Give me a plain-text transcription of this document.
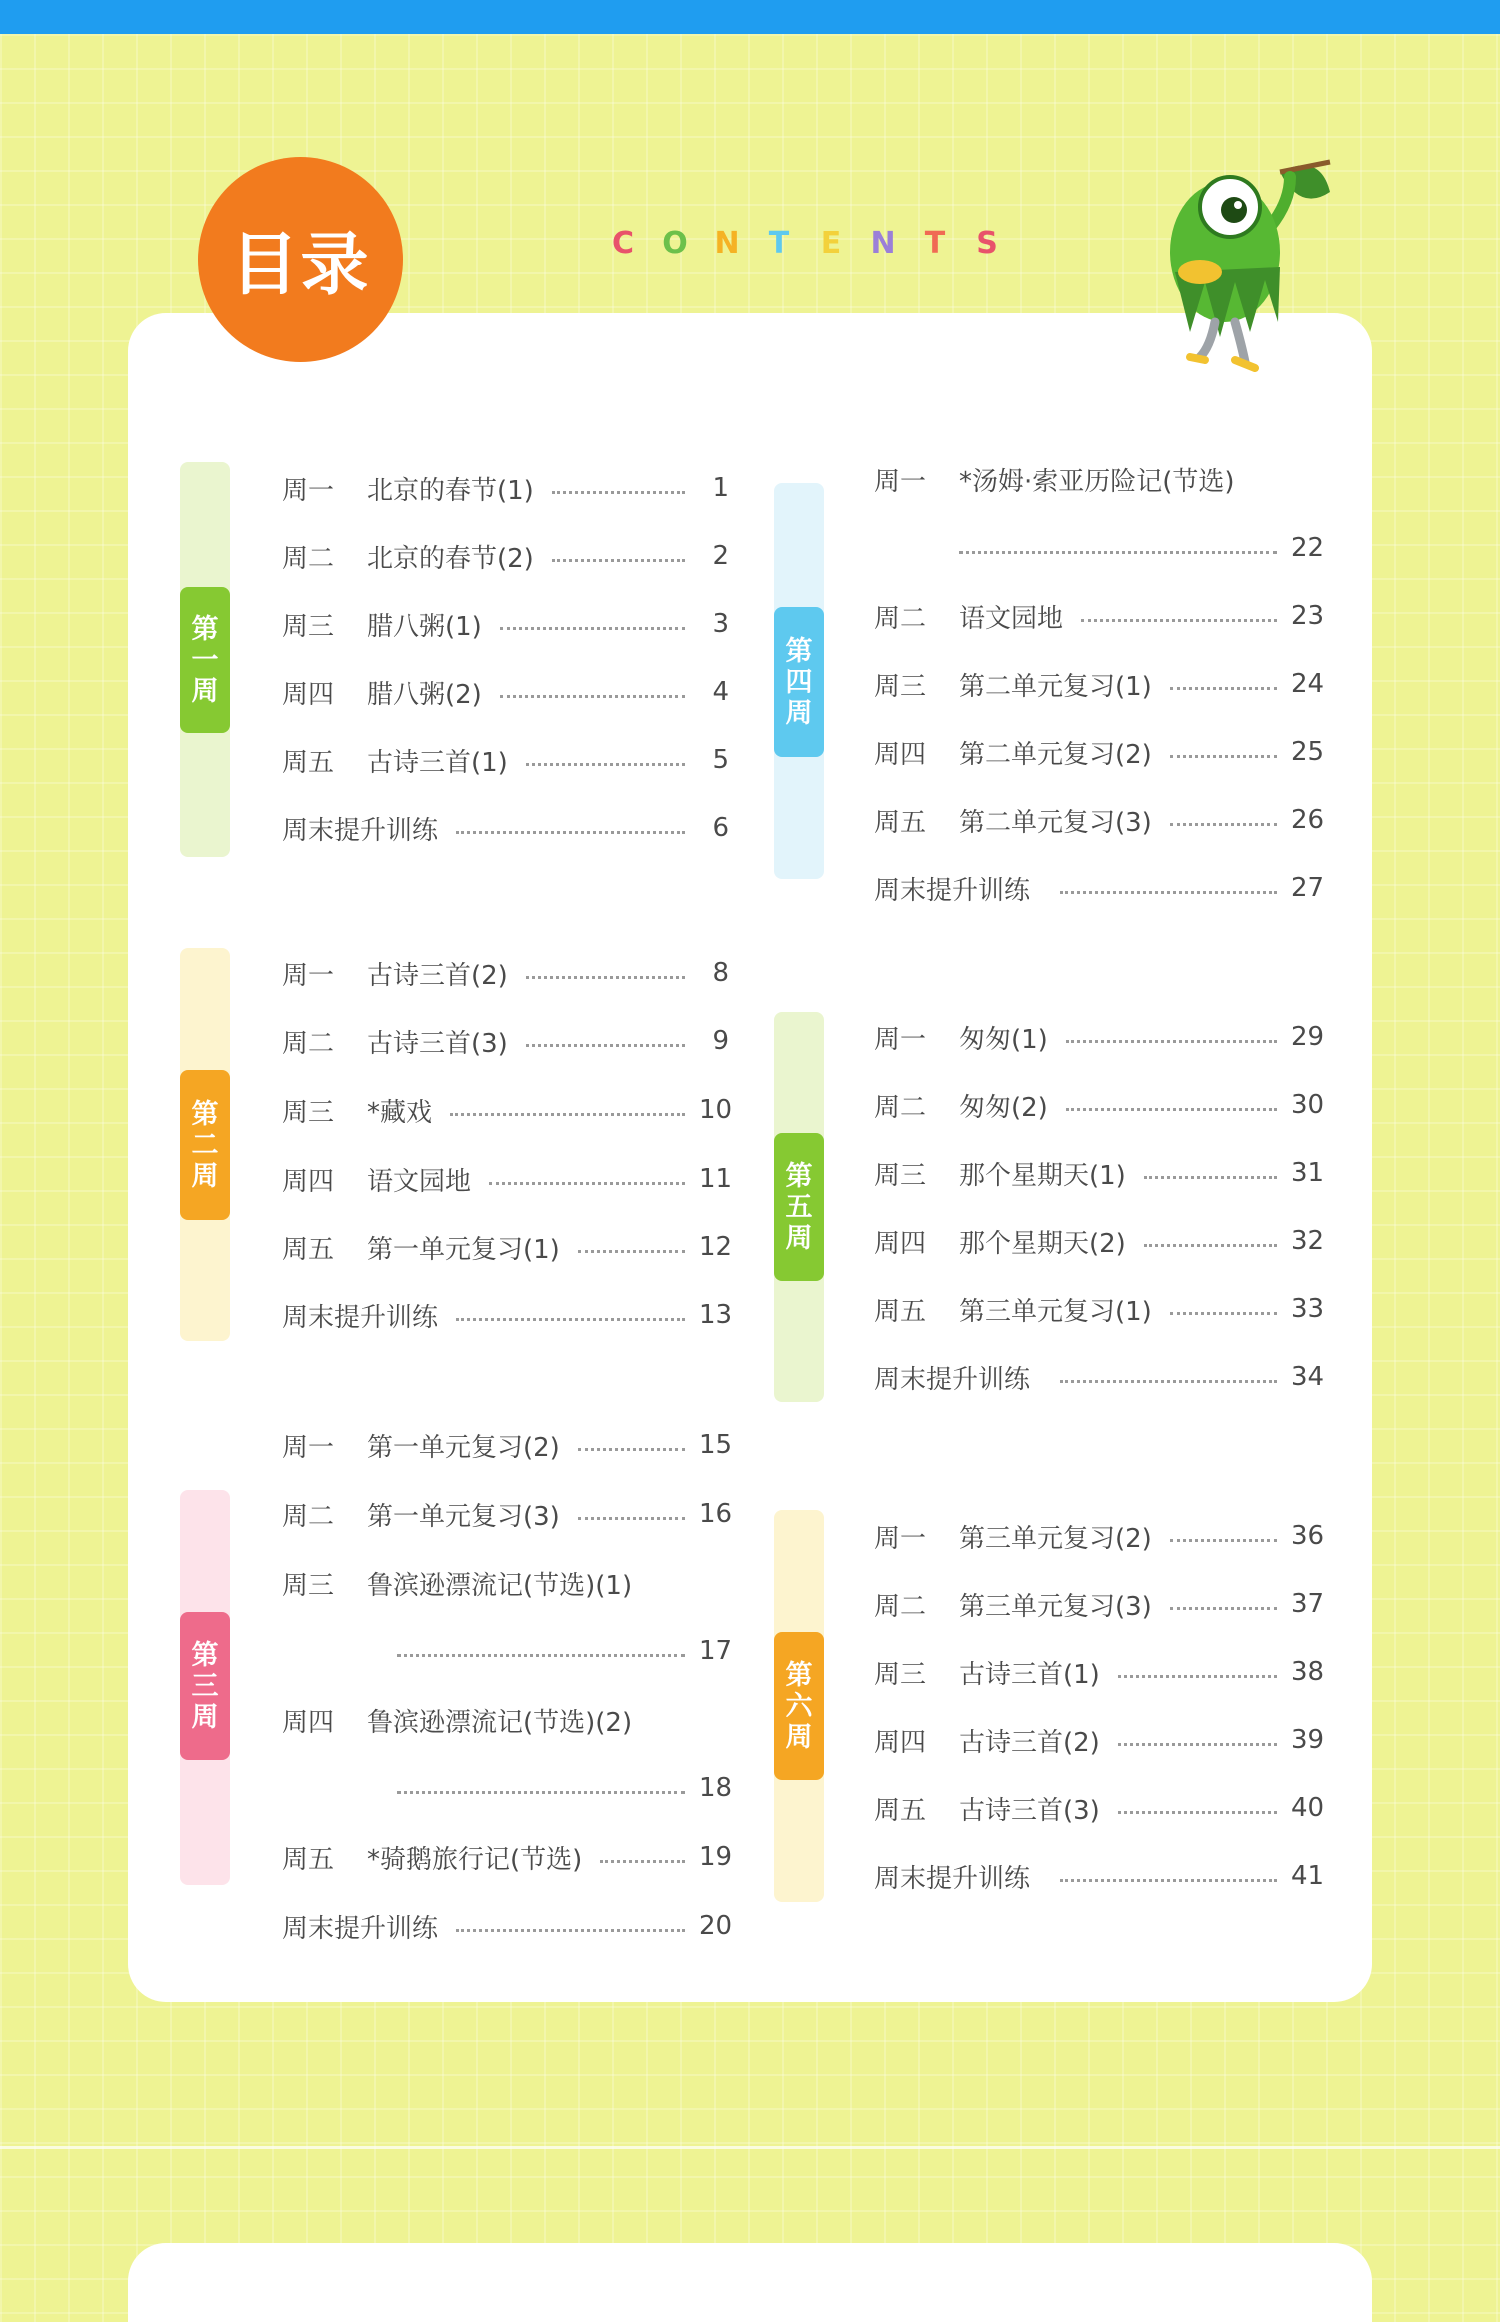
目录	C O N T E N T S
第
一
周
第
二
周
第
三
周
第
四
周
第
五
周
第
六
周
周一	北京的春节(1)	1
周二	北京的春节(2)	2
周三	腊八粥(1)	3
周四	腊八粥(2)	4
周五	古诗三首(1)	5
周末提升训练	6
周一	古诗三首(2)	8
周二	古诗三首(3)	9
周三	*藏戏	10
周四	语文园地	11
周五	第一单元复习(1)	12
周末提升训练	13
周一	第一单元复习(2)	15
周二	第一单元复习(3)	16
周三	鲁滨逊漂流记(节选)(1)
17
周四	鲁滨逊漂流记(节选)(2)
18
周五	*骑鹅旅行记(节选)	19
周末提升训练	20
周一	*汤姆·索亚历险记(节选)
22
周二	语文园地	23
周三	第二单元复习(1)	24
周四	第二单元复习(2)	25
周五	第二单元复习(3)	26
周末提升训练	27
周一	匆匆(1)	29
周二	匆匆(2)	30
周三	那个星期天(1)	31
周四	那个星期天(2)	32
周五	第三单元复习(1)	33
周末提升训练	34
周一	第三单元复习(2)	36
周二	第三单元复习(3)	37
周三	古诗三首(1)	38
周四	古诗三首(2)	39
周五	古诗三首(3)	40
周末提升训练	41
